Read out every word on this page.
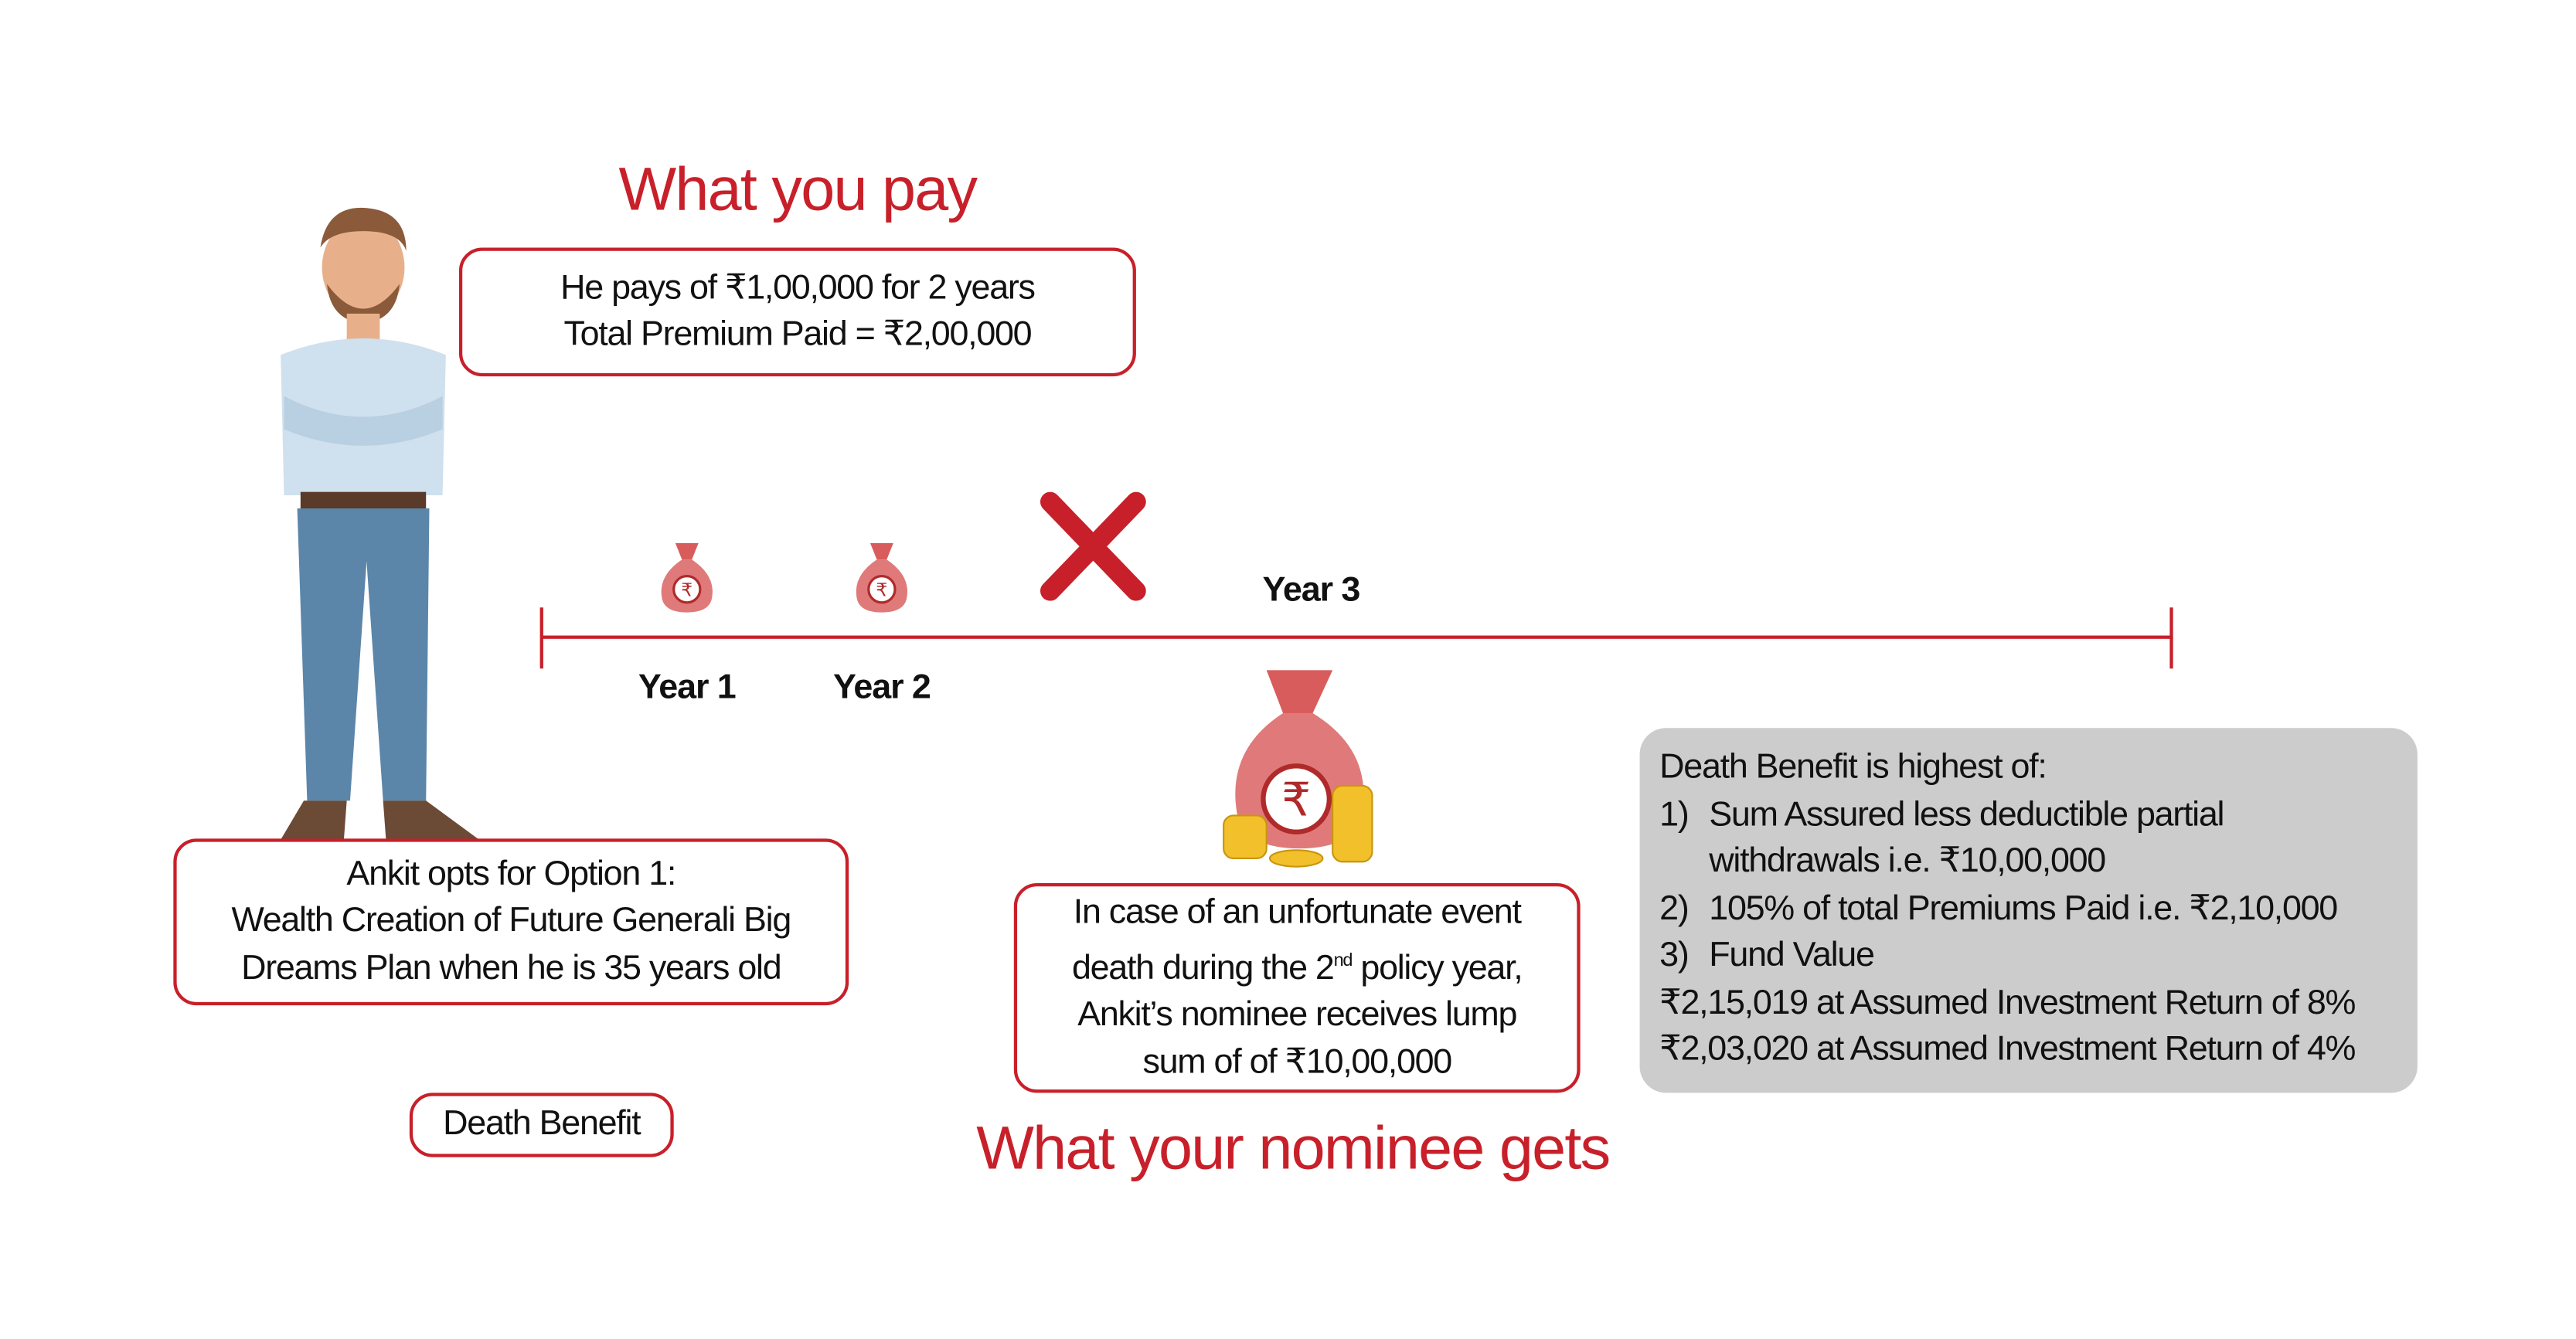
What you pay
He pays of ₹1,00,000 for 2 years
Total Premium Paid = ₹2,00,000
₹	₹
Year 1	Year 2
Year 3
₹
Ankit opts for Option 1:
Wealth Creation of Future Generali Big
Dreams Plan when he is 35 years old
Death Benefit
In case of an unfortunate event
death during the 2nd policy year,
Ankit’s nominee receives lump
sum of of ₹10,00,000
What your nominee gets
Death Benefit is highest of:
1)	Sum Assured less deductible partial withdrawals i.e. ₹10,00,000
2)	105% of total Premiums Paid i.e. ₹2,10,000
3)	Fund Value
₹2,15,019 at Assumed Investment Return of 8%
₹2,03,020 at Assumed Investment Return of 4%
